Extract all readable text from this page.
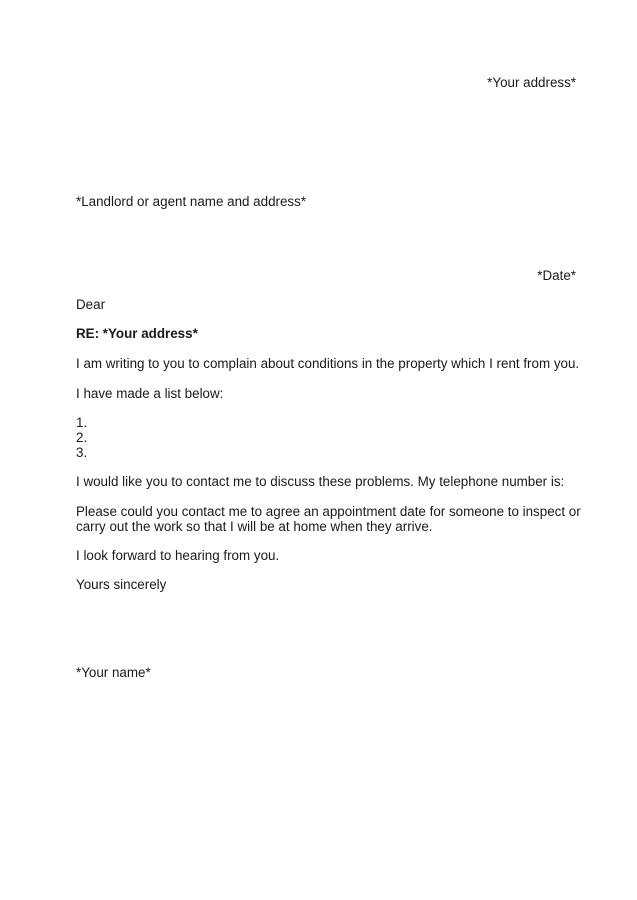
*Your address*
*Landlord or agent name and address*
*Date*
Dear
RE: *Your address*
I am writing to you to complain about conditions in the property which I rent from you.
I have made a list below:
1.
2.
3.
I would like you to contact me to discuss these problems. My telephone number is:
Please could you contact me to agree an appointment date for someone to inspect or
carry out the work so that I will be at home when they arrive.
I look forward to hearing from you.
Yours sincerely
*Your name*
